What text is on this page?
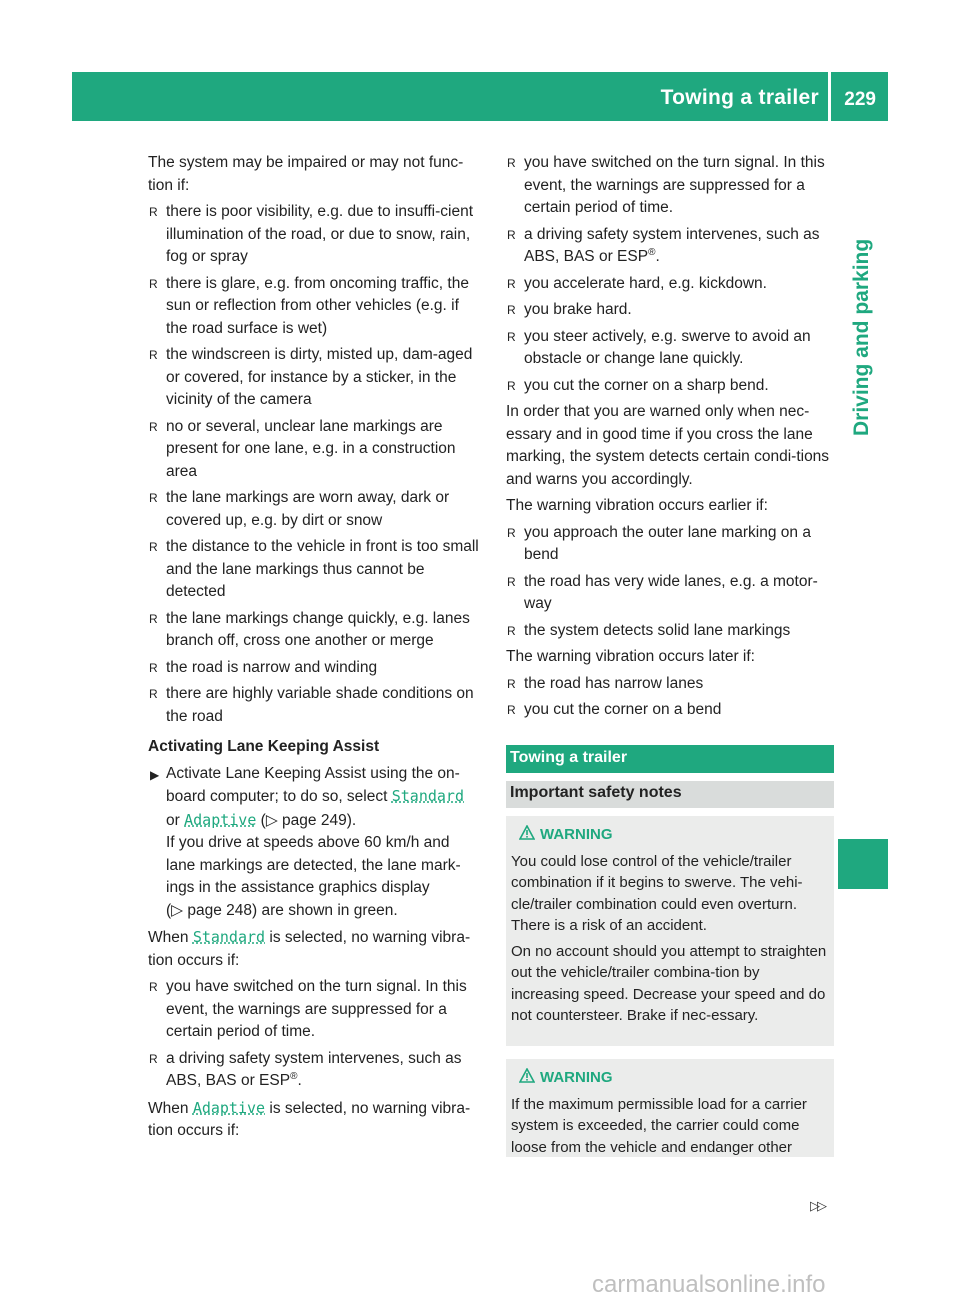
Towing a trailer 229
Driving and parking

The system may be impaired or may not func-tion if:

R there is poor visibility, e.g. due to insuffi-cient illumination of the road, or due to snow, rain, fog or spray
R there is glare, e.g. from oncoming traffic, the sun or reflection from other vehicles (e.g. if the road surface is wet)
R the windscreen is dirty, misted up, dam-aged or covered, for instance by a sticker, in the vicinity of the camera
R no or several, unclear lane markings are present for one lane, e.g. in a construction area
R the lane markings are worn away, dark or covered up, e.g. by dirt or snow
R the distance to the vehicle in front is too small and the lane markings thus cannot be detected
R the lane markings change quickly, e.g. lanes branch off, cross one another or merge
R the road is narrow and winding
R there are highly variable shade conditions on the road
Activating Lane Keeping Assist
▶ Activate Lane Keeping Assist using the on-board computer; to do so, select Standard or Adaptive (▷ page 249).
If you drive at speeds above 60 km/h and lane markings are detected, the lane mark-ings in the assistance graphics display
(▷ page 248) are shown in green.

When Standard is selected, no warning vibra-tion occurs if:

R you have switched on the turn signal. In this event, the warnings are suppressed for a certain period of time.
R a driving safety system intervenes, such as ABS, BAS or ESP®.

When Adaptive is selected, no warning vibra-tion occurs if:

R you have switched on the turn signal. In this event, the warnings are suppressed for a certain period of time.
R a driving safety system intervenes, such as ABS, BAS or ESP®.
R you accelerate hard, e.g. kickdown.
R you brake hard.
R you steer actively, e.g. swerve to avoid an obstacle or change lane quickly.
R you cut the corner on a sharp bend.

In order that you are warned only when nec-essary and in good time if you cross the lane marking, the system detects certain condi-tions and warns you accordingly.

The warning vibration occurs earlier if:

R you approach the outer lane marking on a bend
R the road has very wide lanes, e.g. a motor-way
R the system detects solid lane markings

The warning vibration occurs later if:

R the road has narrow lanes
R you cut the corner on a bend
Towing a trailer
Important safety notes
WARNING

You could lose control of the vehicle/trailer combination if it begins to swerve. The vehi-cle/trailer combination could even overturn. There is a risk of an accident.

On no account should you attempt to straighten out the vehicle/trailer combina-tion by increasing speed. Decrease your speed and do not countersteer. Brake if nec-essary.

WARNING

If the maximum permissible load for a carrier system is exceeded, the carrier could come loose from the vehicle and endanger other

▷▷
carmanualsonline.info
